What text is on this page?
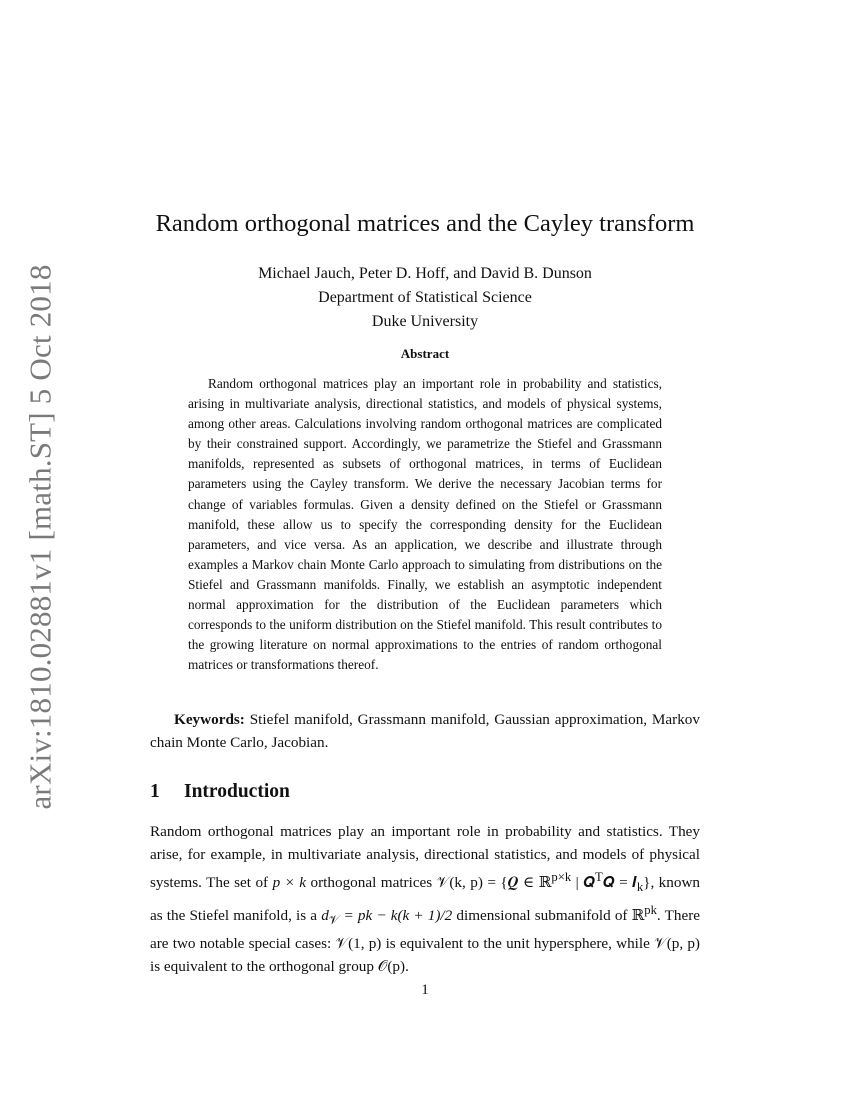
arXiv:1810.02881v1 [math.ST] 5 Oct 2018
Random orthogonal matrices and the Cayley transform
Michael Jauch, Peter D. Hoff, and David B. Dunson
Department of Statistical Science
Duke University
Abstract

Random orthogonal matrices play an important role in probability and statistics, arising in multivariate analysis, directional statistics, and models of physical systems, among other areas. Calculations involving random orthogonal matrices are complicated by their constrained support. Accordingly, we parametrize the Stiefel and Grassmann manifolds, represented as subsets of orthogonal matrices, in terms of Euclidean parameters using the Cayley transform. We derive the necessary Jacobian terms for change of variables formulas. Given a density defined on the Stiefel or Grassmann manifold, these allow us to specify the corresponding density for the Euclidean parameters, and vice versa. As an application, we describe and illustrate through examples a Markov chain Monte Carlo approach to simulating from distributions on the Stiefel and Grassmann manifolds. Finally, we establish an asymptotic independent normal approximation for the distribution of the Euclidean parameters which corresponds to the uniform distribution on the Stiefel manifold. This result contributes to the growing literature on normal approximations to the entries of random orthogonal matrices or transformations thereof.

Keywords: Stiefel manifold, Grassmann manifold, Gaussian approximation, Markov chain Monte Carlo, Jacobian.

1 Introduction

Random orthogonal matrices play an important role in probability and statistics. They arise, for example, in multivariate analysis, directional statistics, and models of physical systems. The set of p × k orthogonal matrices 𝒱(k, p) = {𝑸 ∈ ℝ$^{p\times k}$ | 𝑸$^T$𝑸 = 𝑰$_k$}, known as the Stiefel manifold, is a $d_𝒱$ = pk − k(k + 1)/2 dimensional submanifold of ℝ$^{pk}$. There are two notable special cases: 𝒱(1, p) is equivalent to the unit hypersphere, while 𝒱(p, p) is equivalent to the orthogonal group 𝒪(p).

1
